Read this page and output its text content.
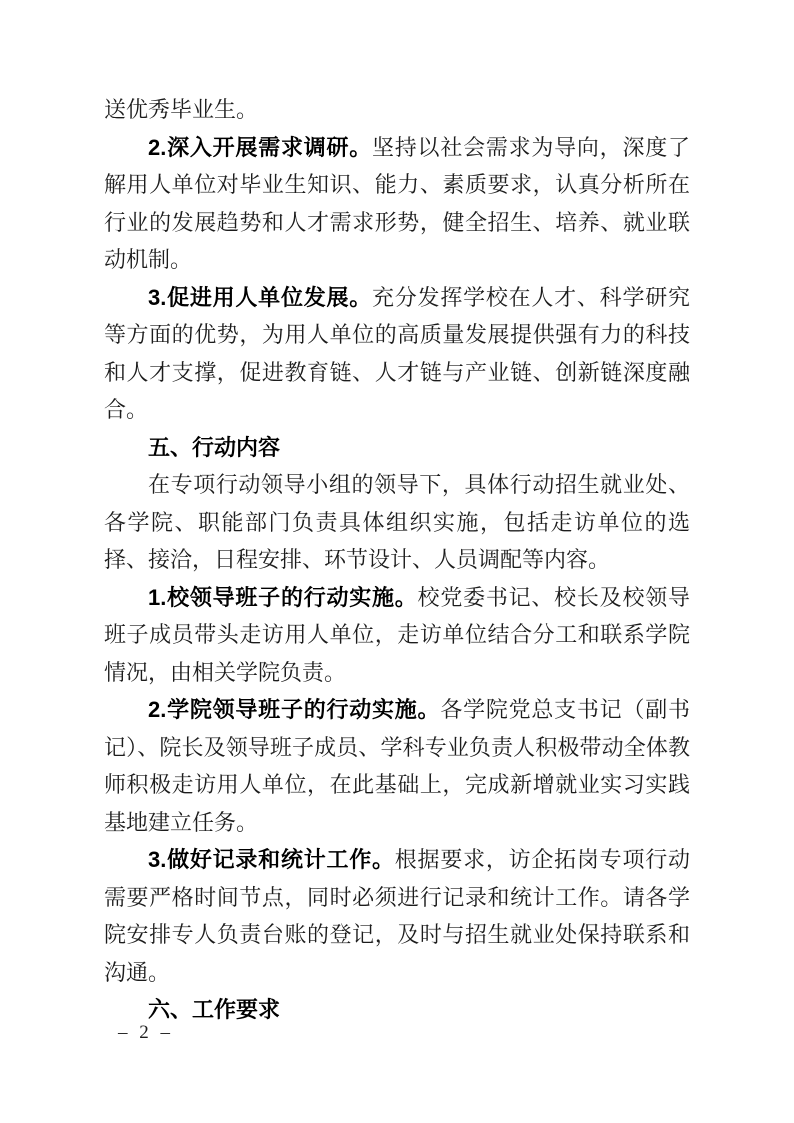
送优秀毕业生。

2.深入开展需求调研。坚持以社会需求为导向，深度了解用人单位对毕业生知识、能力、素质要求，认真分析所在行业的发展趋势和人才需求形势，健全招生、培养、就业联动机制。

3.促进用人单位发展。充分发挥学校在人才、科学研究等方面的优势，为用人单位的高质量发展提供强有力的科技和人才支撑，促进教育链、人才链与产业链、创新链深度融合。

五、行动内容

在专项行动领导小组的领导下，具体行动招生就业处、各学院、职能部门负责具体组织实施，包括走访单位的选择、接洽，日程安排、环节设计、人员调配等内容。

1.校领导班子的行动实施。校党委书记、校长及校领导班子成员带头走访用人单位，走访单位结合分工和联系学院情况，由相关学院负责。

2.学院领导班子的行动实施。各学院党总支书记（副书记）、院长及领导班子成员、学科专业负责人积极带动全体教师积极走访用人单位，在此基础上，完成新增就业实习实践基地建立任务。

3.做好记录和统计工作。根据要求，访企拓岗专项行动需要严格时间节点，同时必须进行记录和统计工作。请各学院安排专人负责台账的登记，及时与招生就业处保持联系和沟通。

六、工作要求
– 2 –
